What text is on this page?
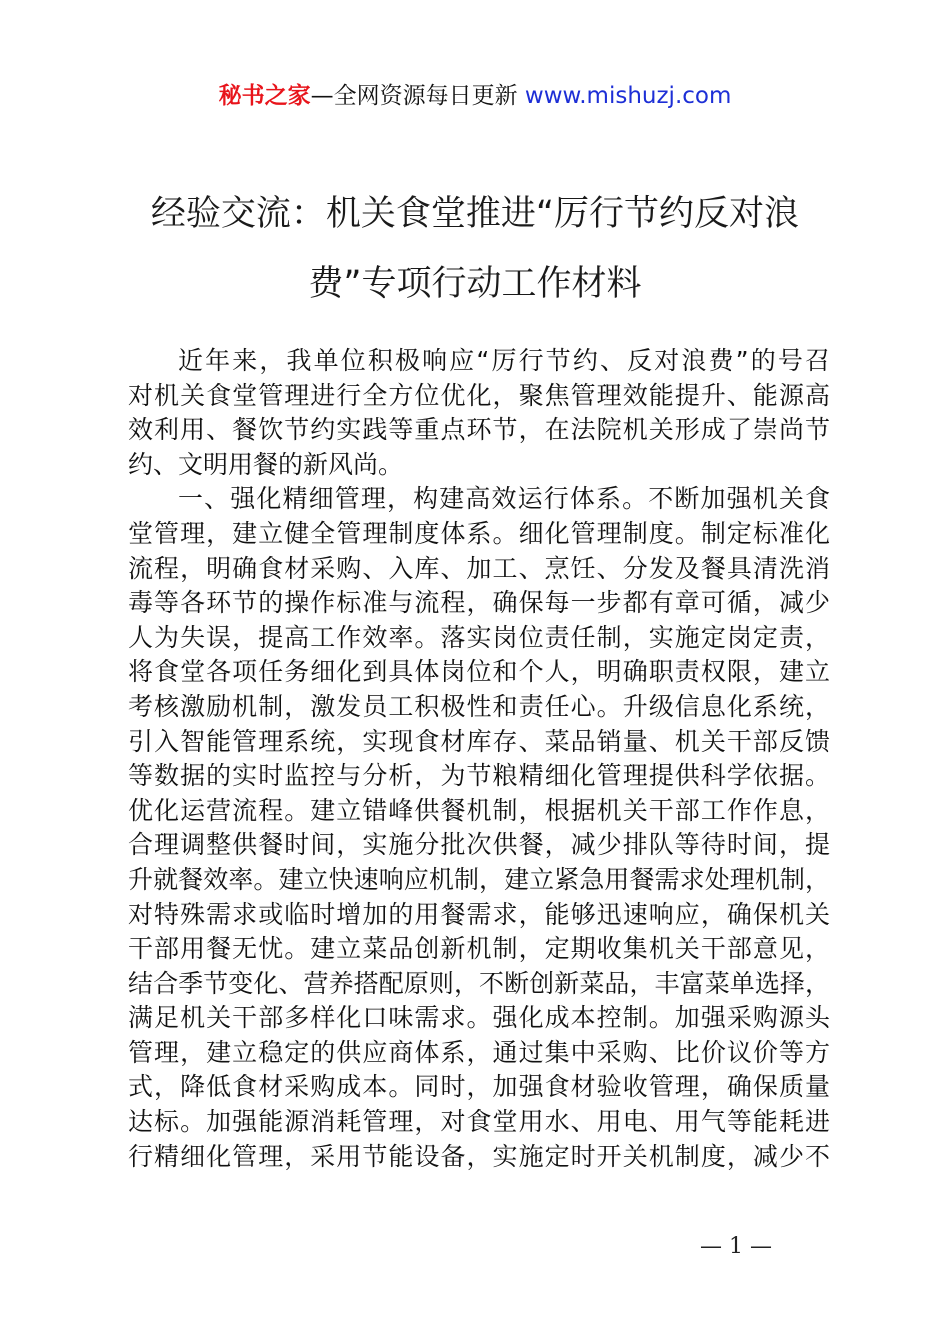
秘书之家—全网资源每日更新 www.mishuzj.com
经验交流：机关食堂推进“厉行节约反对浪
费”专项行动工作材料
近年来，我单位积极响应“厉行节约、反对浪费”的号召
对机关食堂管理进行全方位优化，聚焦管理效能提升、能源高
效利用、餐饮节约实践等重点环节，在法院机关形成了崇尚节
约、文明用餐的新风尚。
一、强化精细管理，构建高效运行体系。不断加强机关食
堂管理，建立健全管理制度体系。细化管理制度。制定标准化
流程，明确食材采购、入库、加工、烹饪、分发及餐具清洗消
毒等各环节的操作标准与流程，确保每一步都有章可循，减少
人为失误，提高工作效率。落实岗位责任制，实施定岗定责，
将食堂各项任务细化到具体岗位和个人，明确职责权限，建立
考核激励机制，激发员工积极性和责任心。升级信息化系统，
引入智能管理系统，实现食材库存、菜品销量、机关干部反馈
等数据的实时监控与分析，为节粮精细化管理提供科学依据。
优化运营流程。建立错峰供餐机制，根据机关干部工作作息，
合理调整供餐时间，实施分批次供餐，减少排队等待时间，提
升就餐效率。建立快速响应机制，建立紧急用餐需求处理机制，
对特殊需求或临时增加的用餐需求，能够迅速响应，确保机关
干部用餐无忧。建立菜品创新机制，定期收集机关干部意见，
结合季节变化、营养搭配原则，不断创新菜品，丰富菜单选择，
满足机关干部多样化口味需求。强化成本控制。加强采购源头
管理，建立稳定的供应商体系，通过集中采购、比价议价等方
式，降低食材采购成本。同时，加强食材验收管理，确保质量
达标。加强能源消耗管理，对食堂用水、用电、用气等能耗进
行精细化管理，采用节能设备，实施定时开关机制度，减少不
— 1 —
